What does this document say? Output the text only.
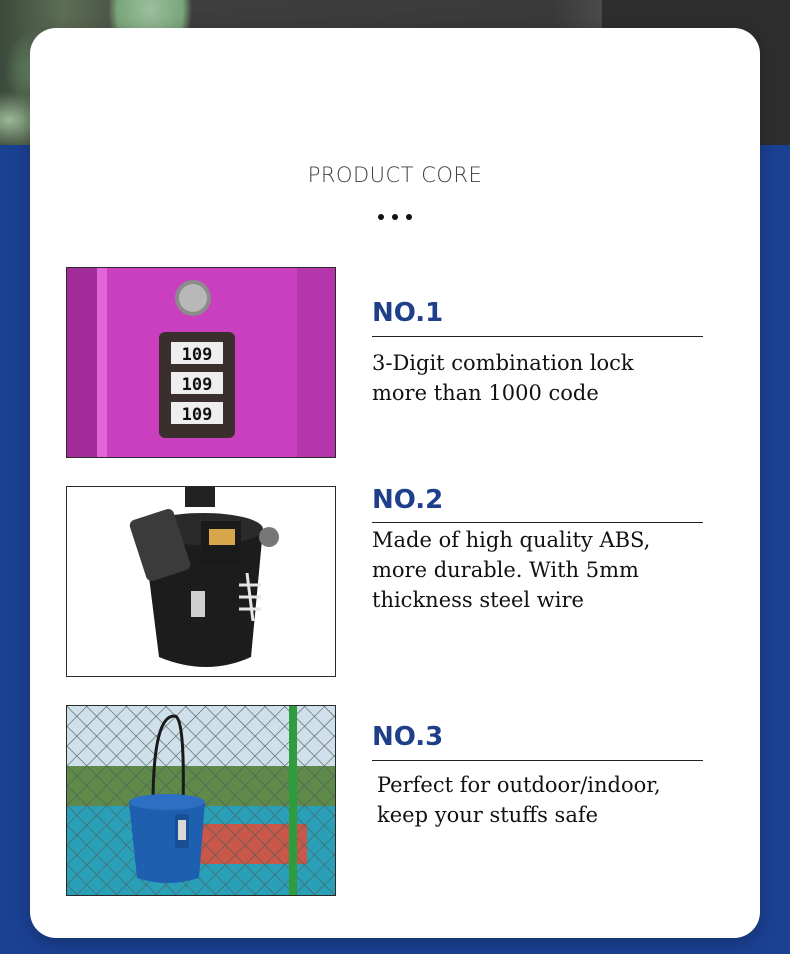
PRODUCT CORE
109
109
109
NO.1
3-Digit combination lock
more than 1000 code
NO.2
Made of high quality ABS,
more durable. With 5mm
thickness steel wire
NO.3
Perfect for outdoor/indoor,
keep your stuffs safe
